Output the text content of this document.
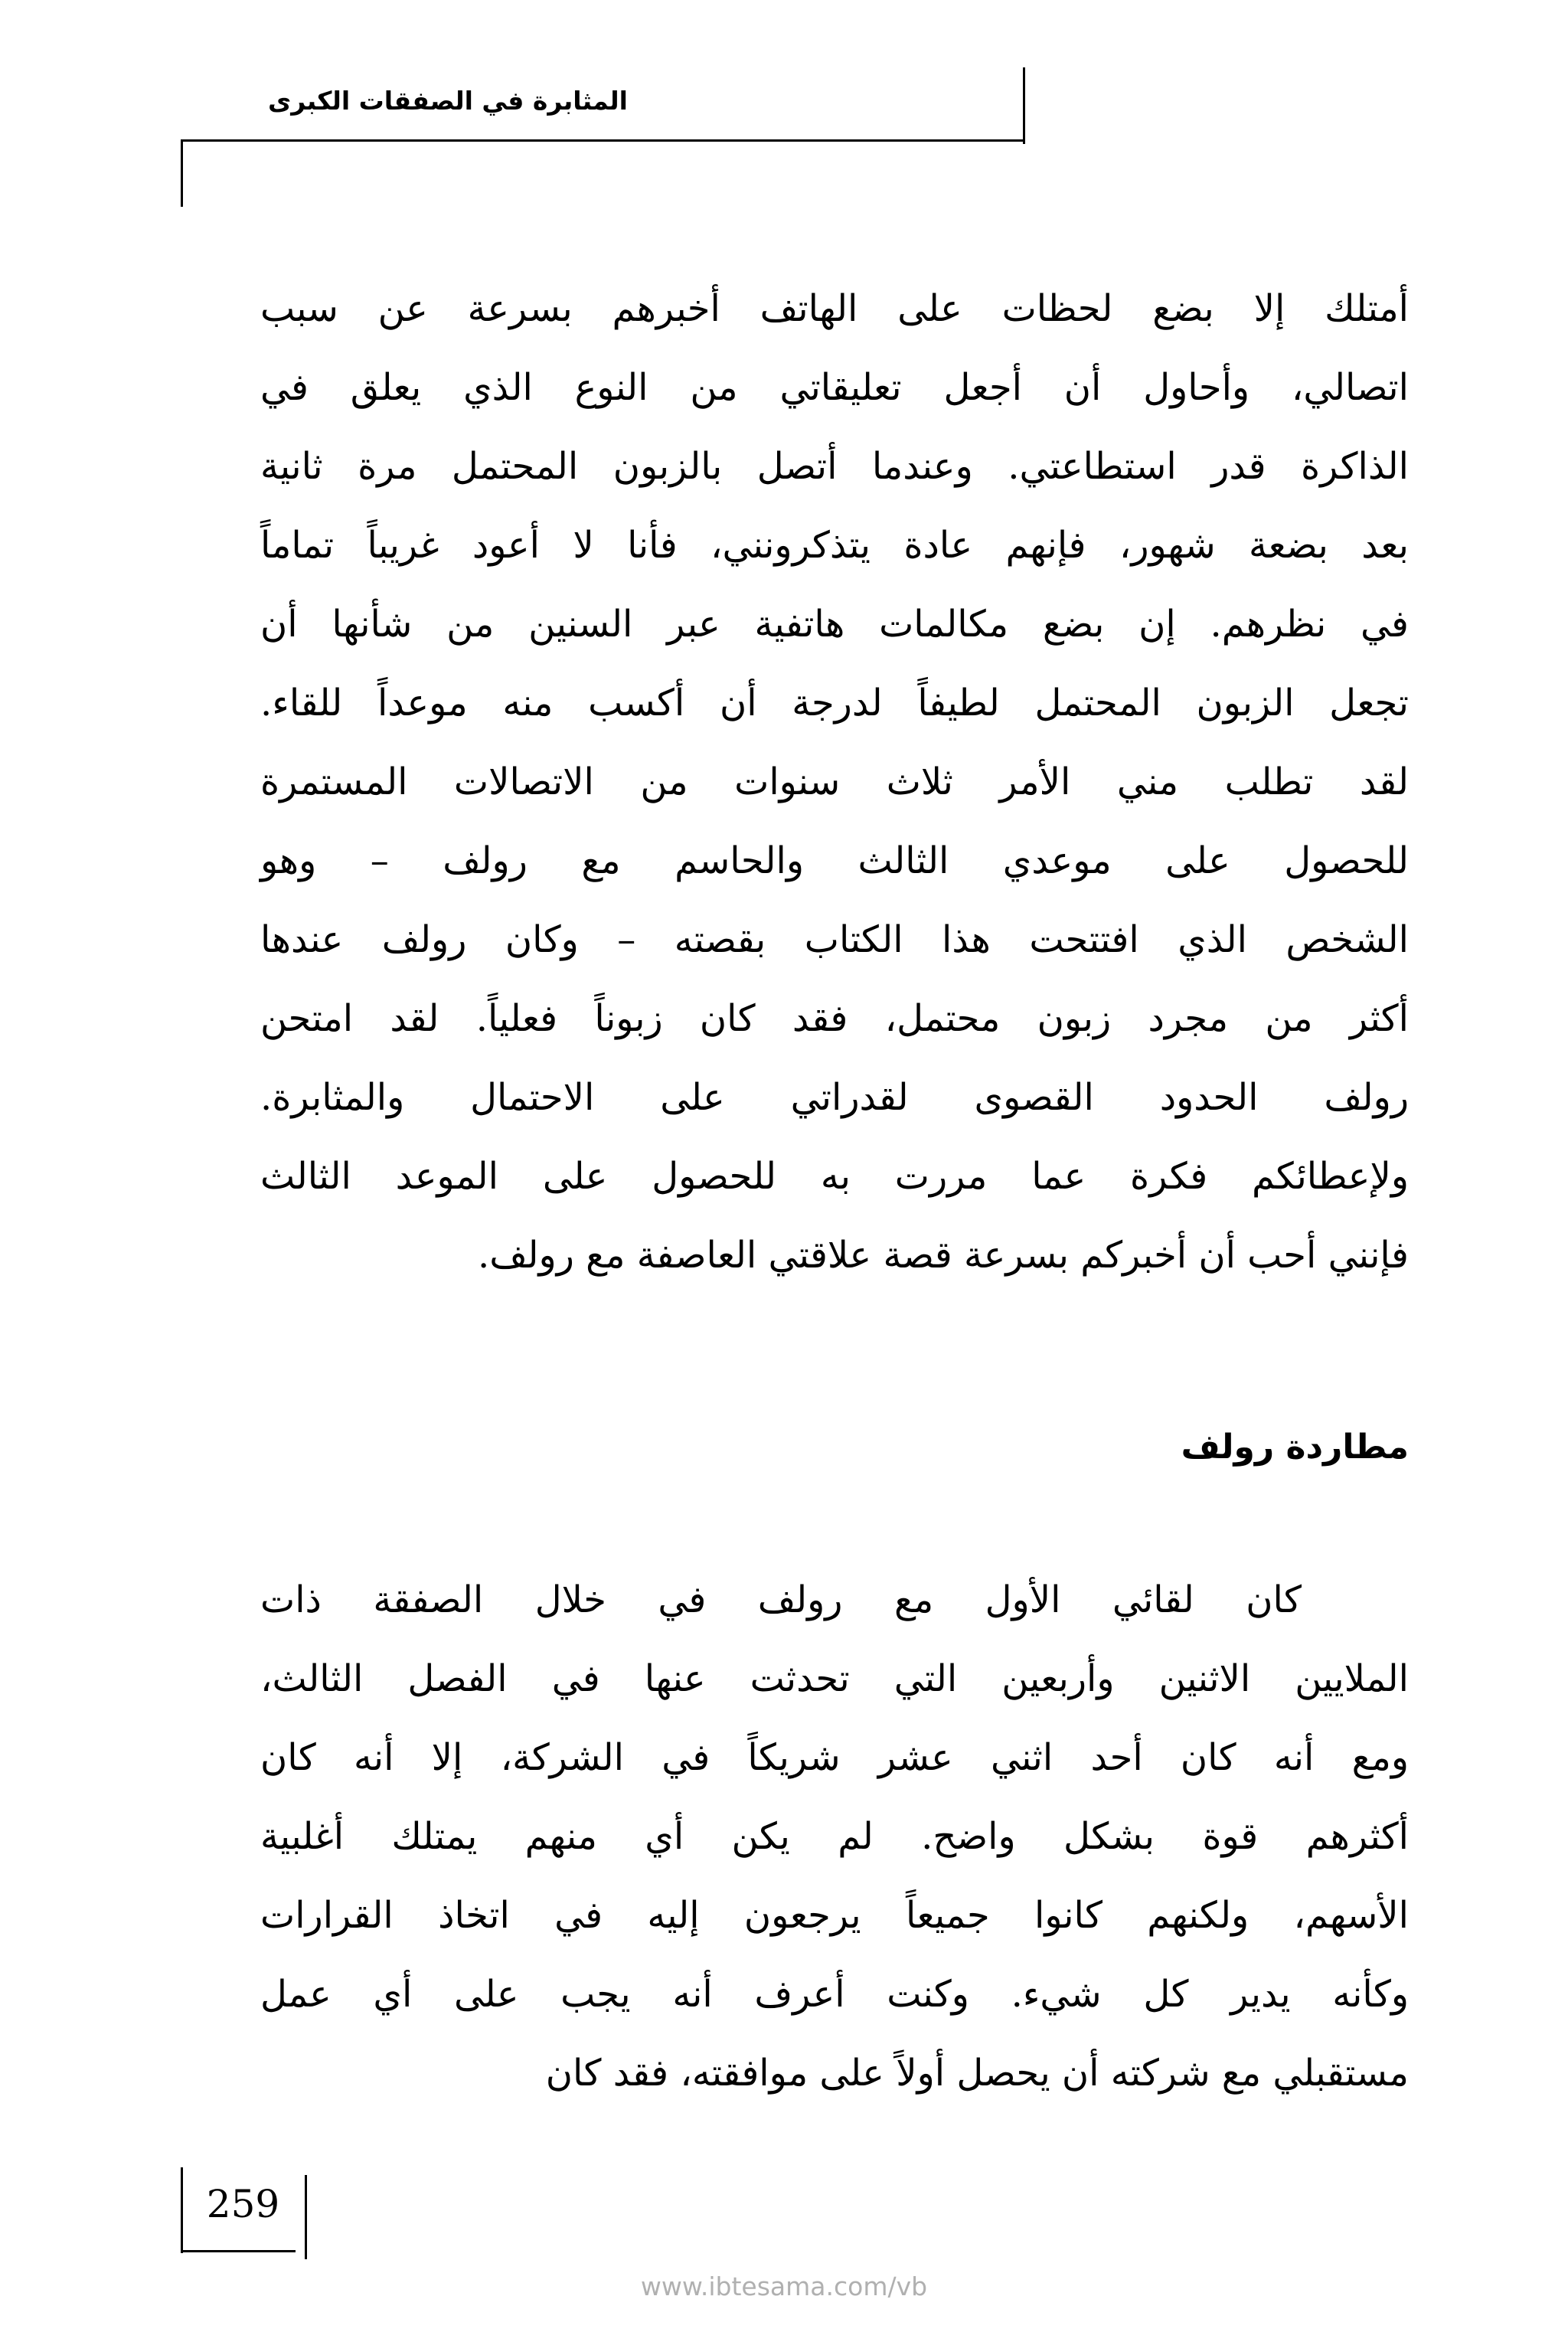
المثابرة في الصفقات الكبرى
أمتلك إلا بضع لحظات على الهاتف أخبرهم بسرعة عن سبب
اتصالي، وأحاول أن أجعل تعليقاتي من النوع الذي يعلق في
الذاكرة قدر استطاعتي. وعندما أتصل بالزبون المحتمل مرة ثانية
بعد بضعة شهور، فإنهم عادة يتذكرونني، فأنا لا أعود غريباً تماماً
في نظرهم. إن بضع مكالمات هاتفية عبر السنين من شأنها أن
تجعل الزبون المحتمل لطيفاً لدرجة أن أكسب منه موعداً للقاء.
لقد تطلب مني الأمر ثلاث سنوات من الاتصالات المستمرة
للحصول على موعدي الثالث والحاسم مع رولف – وهو
الشخص الذي افتتحت هذا الكتاب بقصته – وكان رولف عندها
أكثر من مجرد زبون محتمل، فقد كان زبوناً فعلياً. لقد امتحن
رولف الحدود القصوى لقدراتي على الاحتمال والمثابرة.
ولإعطائكم فكرة عما مررت به للحصول على الموعد الثالث
فإنني أحب أن أخبركم بسرعة قصة علاقتي العاصفة مع رولف.
مطاردة رولف
كان لقائي الأول مع رولف في خلال الصفقة ذات
الملايين الاثنين وأربعين التي تحدثت عنها في الفصل الثالث،
ومع أنه كان أحد اثني عشر شريكاً في الشركة، إلا أنه كان
أكثرهم قوة بشكل واضح. لم يكن أي منهم يمتلك أغلبية
الأسهم، ولكنهم كانوا جميعاً يرجعون إليه في اتخاذ القرارات
وكأنه يدير كل شيء. وكنت أعرف أنه يجب على أي عمل
مستقبلي مع شركته أن يحصل أولاً على موافقته، فقد كان
259
www.ibtesama.com/vb
